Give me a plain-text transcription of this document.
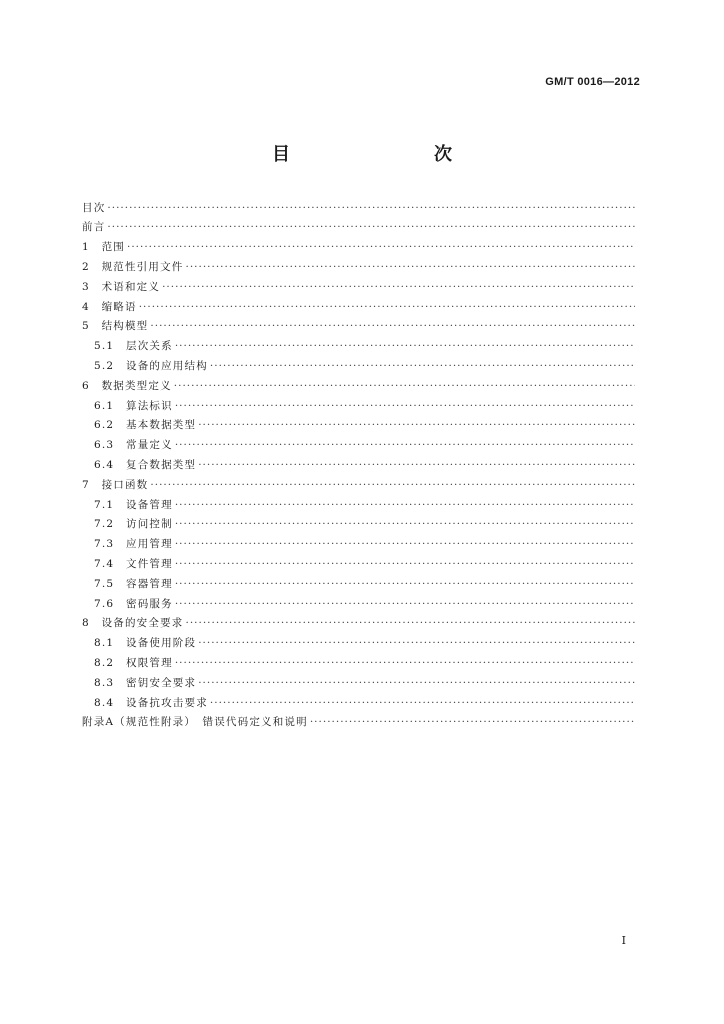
GM/T 0016—2012
目　　次
目次
·····
前言
·····
1　范围
·····
2　规范性引用文件
·····
3　术语和定义
·····
4　缩略语
·····
5　结构模型
·····
5.1　层次关系
·····
5.2　设备的应用结构
·····
6　数据类型定义
·····
6.1　算法标识
·····
6.2　基本数据类型
·····
6.3　常量定义
·····
6.4　复合数据类型
·····
7　接口函数
·····
7.1　设备管理
·····
7.2　访问控制
·····
7.3　应用管理
·····
7.4　文件管理
·····
7.5　容器管理
·····
7.6　密码服务
·····
8　设备的安全要求
·····
8.1　设备使用阶段
·····
8.2　权限管理
·····
8.3　密钥安全要求
·····
8.4　设备抗攻击要求
·····
附录A（规范性附录）　错误代码定义和说明
·····
I
